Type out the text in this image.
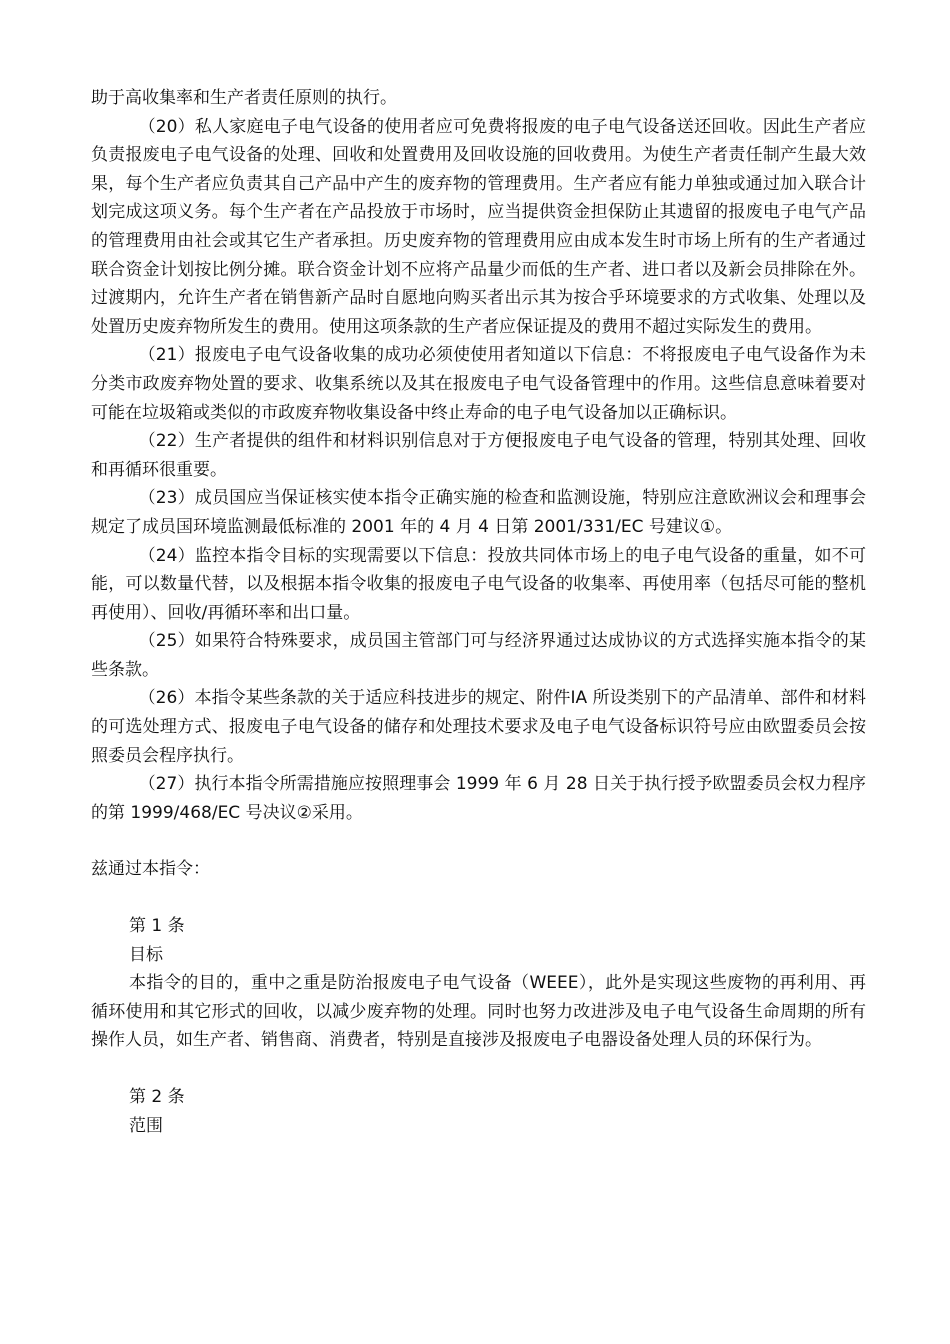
助于高收集率和生产者责任原则的执行。

（20）私人家庭电子电气设备的使用者应可免费将报废的电子电气设备送还回收。因此生产者应负责报废电子电气设备的处理、回收和处置费用及回收设施的回收费用。为使生产者责任制产生最大效果，每个生产者应负责其自己产品中产生的废弃物的管理费用。生产者应有能力单独或通过加入联合计划完成这项义务。每个生产者在产品投放于市场时，应当提供资金担保防止其遗留的报废电子电气产品的管理费用由社会或其它生产者承担。历史废弃物的管理费用应由成本发生时市场上所有的生产者通过联合资金计划按比例分摊。联合资金计划不应将产品量少而低的生产者、进口者以及新会员排除在外。过渡期内，允许生产者在销售新产品时自愿地向购买者出示其为按合乎环境要求的方式收集、处理以及处置历史废弃物所发生的费用。使用这项条款的生产者应保证提及的费用不超过实际发生的费用。

（21）报废电子电气设备收集的成功必须使使用者知道以下信息：不将报废电子电气设备作为未分类市政废弃物处置的要求、收集系统以及其在报废电子电气设备管理中的作用。这些信息意味着要对可能在垃圾箱或类似的市政废弃物收集设备中终止寿命的电子电气设备加以正确标识。

（22）生产者提供的组件和材料识别信息对于方便报废电子电气设备的管理，特别其处理、回收和再循环很重要。

（23）成员国应当保证核实使本指令正确实施的检查和监测设施，特别应注意欧洲议会和理事会规定了成员国环境监测最低标准的 2001 年的 4 月 4 日第 2001/331/EC 号建议①。

（24）监控本指令目标的实现需要以下信息：投放共同体市场上的电子电气设备的重量，如不可能，可以数量代替，以及根据本指令收集的报废电子电气设备的收集率、再使用率（包括尽可能的整机再使用）、回收/再循环率和出口量。

（25）如果符合特殊要求，成员国主管部门可与经济界通过达成协议的方式选择实施本指令的某些条款。

（26）本指令某些条款的关于适应科技进步的规定、附件ⅠA 所设类别下的产品清单、部件和材料的可选处理方式、报废电子电气设备的储存和处理技术要求及电子电气设备标识符号应由欧盟委员会按照委员会程序执行。

（27）执行本指令所需措施应按照理事会 1999 年 6 月 28 日关于执行授予欧盟委员会权力程序的第 1999/468/EC 号决议②采用。

兹通过本指令：

第 1 条

目标

本指令的目的，重中之重是防治报废电子电气设备（WEEE），此外是实现这些废物的再利用、再循环使用和其它形式的回收，以减少废弃物的处理。同时也努力改进涉及电子电气设备生命周期的所有操作人员，如生产者、销售商、消费者，特别是直接涉及报废电子电器设备处理人员的环保行为。

第 2 条

范围
